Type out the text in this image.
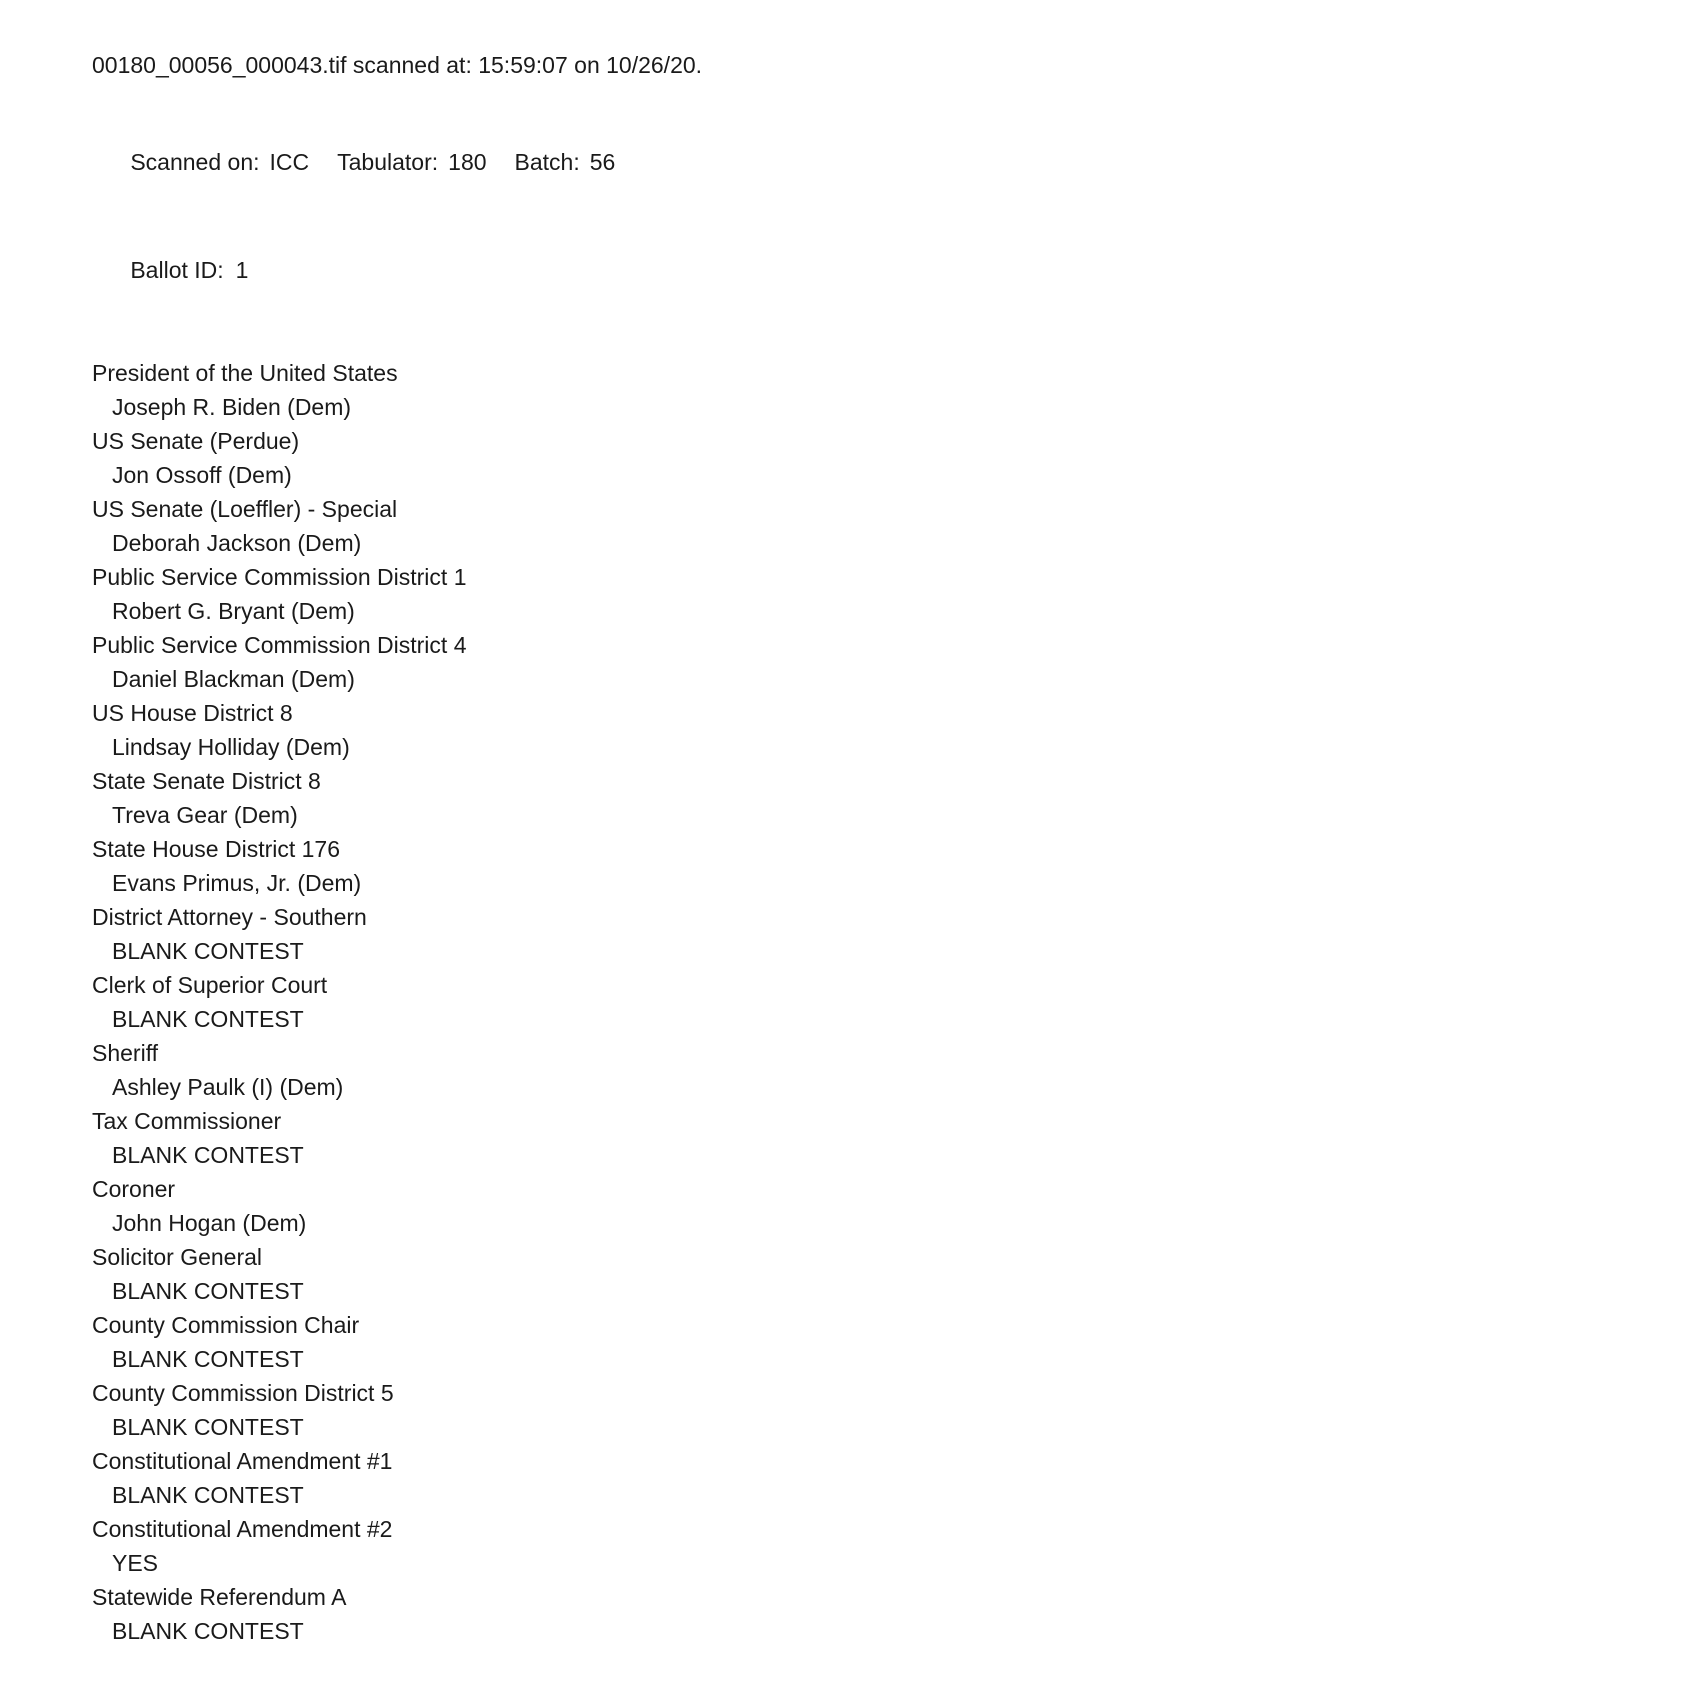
00180_00056_000043.tif scanned at: 15:59:07 on 10/26/20.

Scanned on: ICC Tabulator: 180 Batch: 56

Ballot ID: 1

President of the United States
Joseph R. Biden (Dem)
US Senate (Perdue)
Jon Ossoff (Dem)
US Senate (Loeffler) - Special
Deborah Jackson (Dem)
Public Service Commission District 1
Robert G. Bryant (Dem)
Public Service Commission District 4
Daniel Blackman (Dem)
US House District 8
Lindsay Holliday (Dem)
State Senate District 8
Treva Gear (Dem)
State House District 176
Evans Primus, Jr. (Dem)
District Attorney - Southern
BLANK CONTEST
Clerk of Superior Court
BLANK CONTEST
Sheriff
Ashley Paulk (I) (Dem)
Tax Commissioner
BLANK CONTEST
Coroner
John Hogan (Dem)
Solicitor General
BLANK CONTEST
County Commission Chair
BLANK CONTEST
County Commission District 5
BLANK CONTEST
Constitutional Amendment #1
BLANK CONTEST
Constitutional Amendment #2
YES
Statewide Referendum A
BLANK CONTEST
